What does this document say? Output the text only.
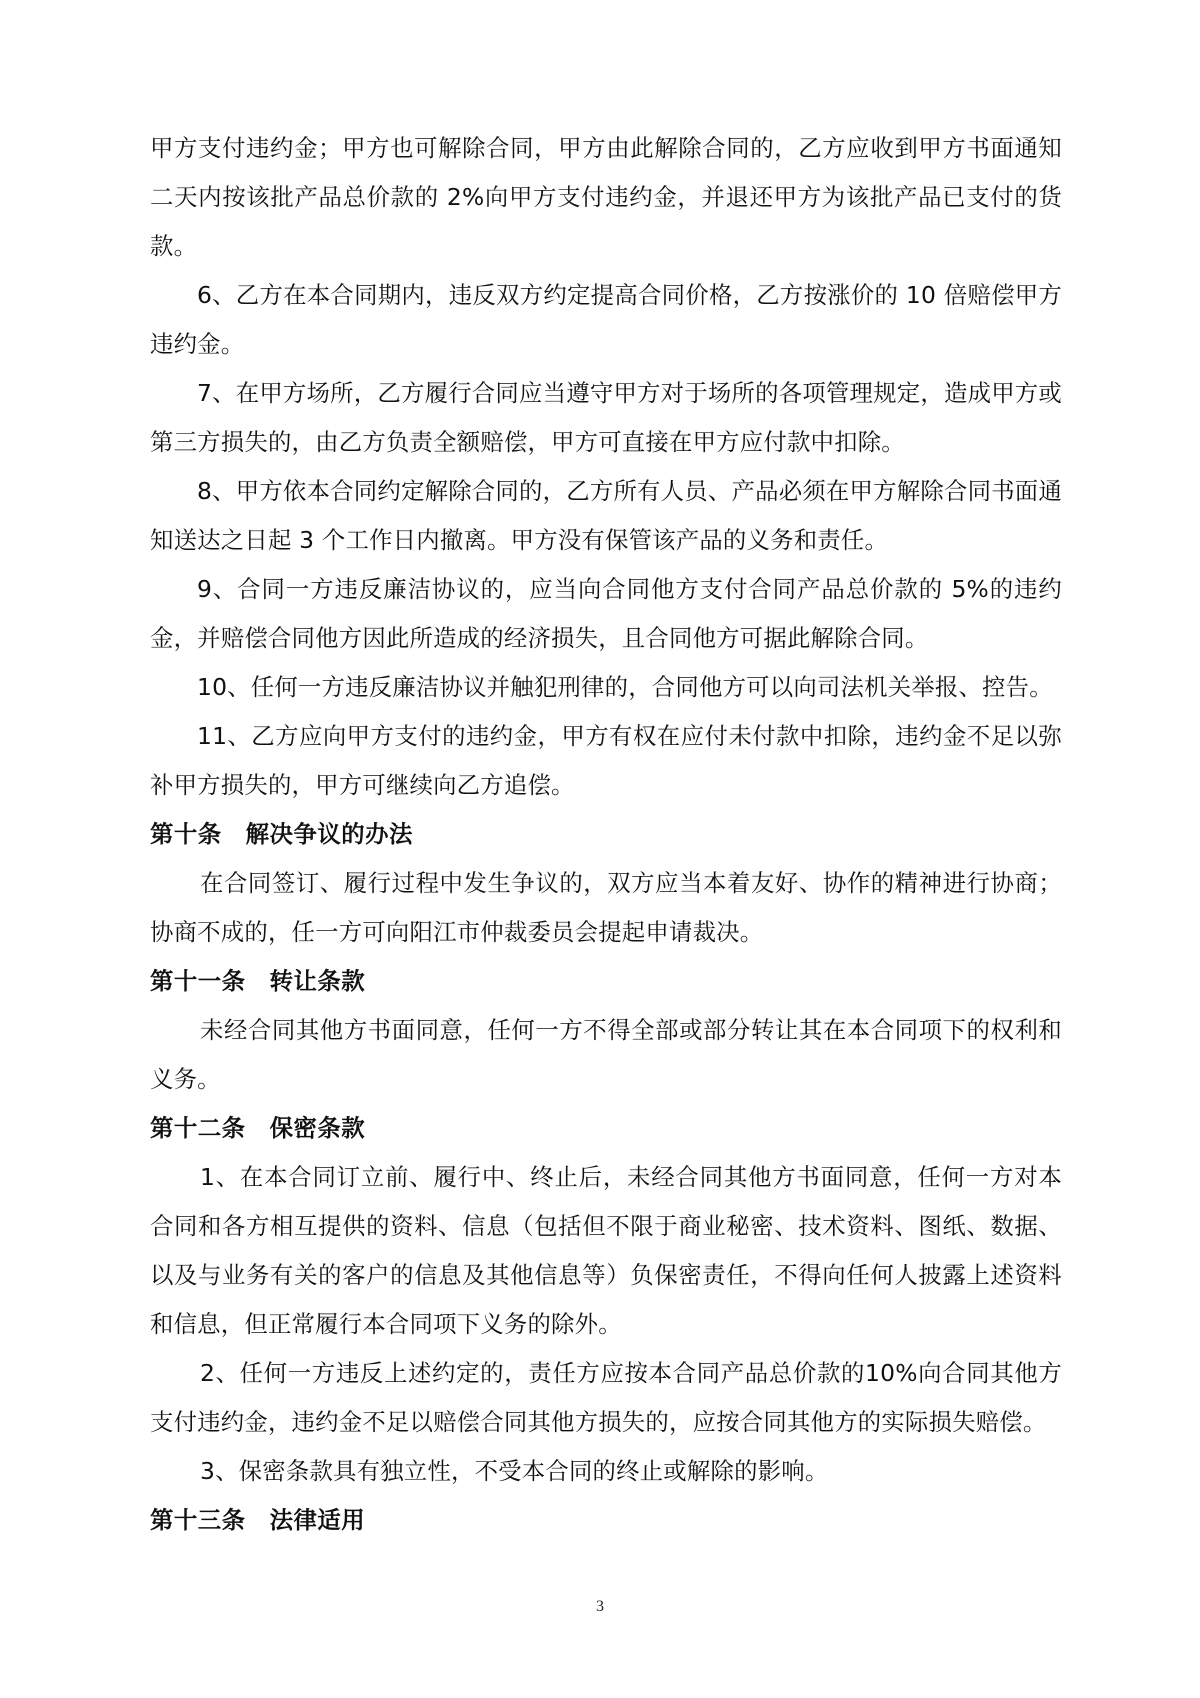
甲方支付违约金；甲方也可解除合同，甲方由此解除合同的，乙方应收到甲方书面通知二天内按该批产品总价款的 2%向甲方支付违约金，并退还甲方为该批产品已支付的货款。

6、乙方在本合同期内，违反双方约定提高合同价格，乙方按涨价的 10 倍赔偿甲方违约金。

7、在甲方场所，乙方履行合同应当遵守甲方对于场所的各项管理规定，造成甲方或第三方损失的，由乙方负责全额赔偿，甲方可直接在甲方应付款中扣除。

8、甲方依本合同约定解除合同的，乙方所有人员、产品必须在甲方解除合同书面通知送达之日起 3 个工作日内撤离。甲方没有保管该产品的义务和责任。

9、合同一方违反廉洁协议的，应当向合同他方支付合同产品总价款的 5%的违约金，并赔偿合同他方因此所造成的经济损失，且合同他方可据此解除合同。

10、任何一方违反廉洁协议并触犯刑律的，合同他方可以向司法机关举报、控告。

11、乙方应向甲方支付的违约金，甲方有权在应付未付款中扣除，违约金不足以弥补甲方损失的，甲方可继续向乙方追偿。

第十条 解决争议的办法

在合同签订、履行过程中发生争议的，双方应当本着友好、协作的精神进行协商；协商不成的，任一方可向阳江市仲裁委员会提起申请裁决。

第十一条 转让条款

未经合同其他方书面同意，任何一方不得全部或部分转让其在本合同项下的权利和义务。

第十二条 保密条款

1、在本合同订立前、履行中、终止后，未经合同其他方书面同意，任何一方对本合同和各方相互提供的资料、信息（包括但不限于商业秘密、技术资料、图纸、数据、以及与业务有关的客户的信息及其他信息等）负保密责任，不得向任何人披露上述资料和信息，但正常履行本合同项下义务的除外。

2、任何一方违反上述约定的，责任方应按本合同产品总价款的10%向合同其他方支付违约金，违约金不足以赔偿合同其他方损失的，应按合同其他方的实际损失赔偿。

3、保密条款具有独立性，不受本合同的终止或解除的影响。

第十三条 法律适用

3
